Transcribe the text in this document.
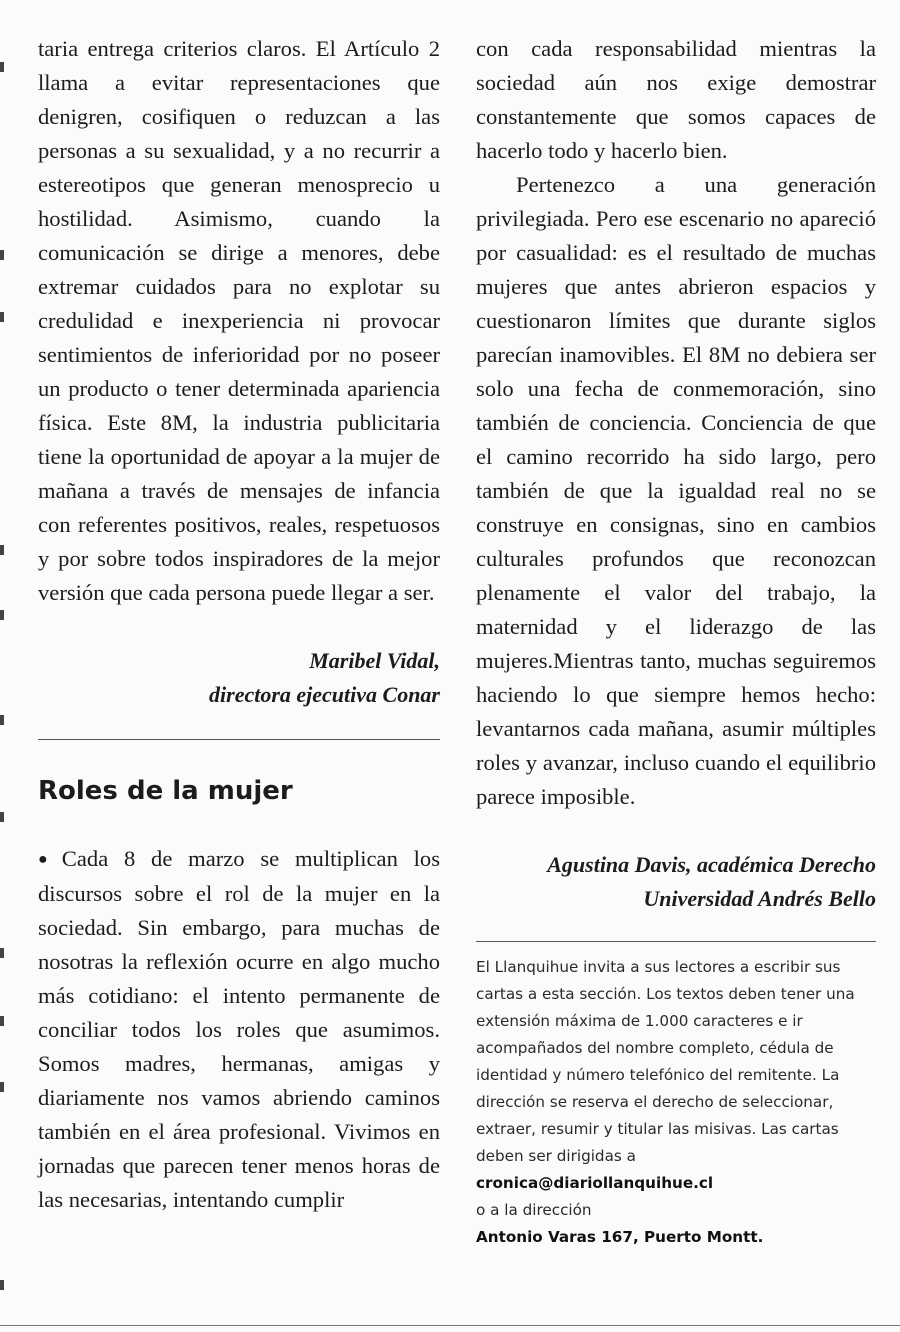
taria entrega criterios claros. El Artículo 2 llama a evitar representaciones que denigren, cosifiquen o reduzcan a las personas a su sexualidad, y a no recurrir a estereotipos que generan menosprecio u hostilidad. Asimismo, cuando la comunicación se dirige a menores, debe extremar cuidados para no explotar su credulidad e inexperiencia ni provocar sentimientos de inferioridad por no poseer un producto o tener determinada apariencia física. Este 8M, la industria publicitaria tiene la oportunidad de apoyar a la mujer de mañana a través de mensajes de infancia con referentes positivos, reales, respetuosos y por sobre todos inspiradores de la mejor versión que cada persona puede llegar a ser.

Maribel Vidal,

directora ejecutiva Conar

Roles de la mujer

● Cada 8 de marzo se multiplican los discursos sobre el rol de la mujer en la sociedad. Sin embargo, para muchas de nosotras la reflexión ocurre en algo mucho más cotidiano: el intento permanente de conciliar todos los roles que asumimos. Somos madres, hermanas, amigas y diariamente nos vamos abriendo caminos también en el área profesional. Vivimos en jornadas que parecen tener menos horas de las necesarias, intentando cumplir

con cada responsabilidad mientras la sociedad aún nos exige demostrar constantemente que somos capaces de hacerlo todo y hacerlo bien.

Pertenezco a una generación privilegiada. Pero ese escenario no apareció por casualidad: es el resultado de muchas mujeres que antes abrieron espacios y cuestionaron límites que durante siglos parecían inamovibles. El 8M no debiera ser solo una fecha de conmemoración, sino también de conciencia. Conciencia de que el camino recorrido ha sido largo, pero también de que la igualdad real no se construye en consignas, sino en cambios culturales profundos que reconozcan plenamente el valor del trabajo, la maternidad y el liderazgo de las mujeres.Mientras tanto, muchas seguiremos haciendo lo que siempre hemos hecho: levantarnos cada mañana, asumir múltiples roles y avanzar, incluso cuando el equilibrio parece imposible.

Agustina Davis, académica Derecho

Universidad Andrés Bello

El Llanquihue invita a sus lectores a escribir sus cartas a esta sección. Los textos deben tener una extensión máxima de 1.000 caracteres e ir acompañados del nombre completo, cédula de identidad y número telefónico del remitente. La dirección se reserva el derecho de seleccionar, extraer, resumir y titular las misivas. Las cartas deben ser dirigidas a

cronica@diariollanquihue.cl

o a la dirección

Antonio Varas 167, Puerto Montt.
